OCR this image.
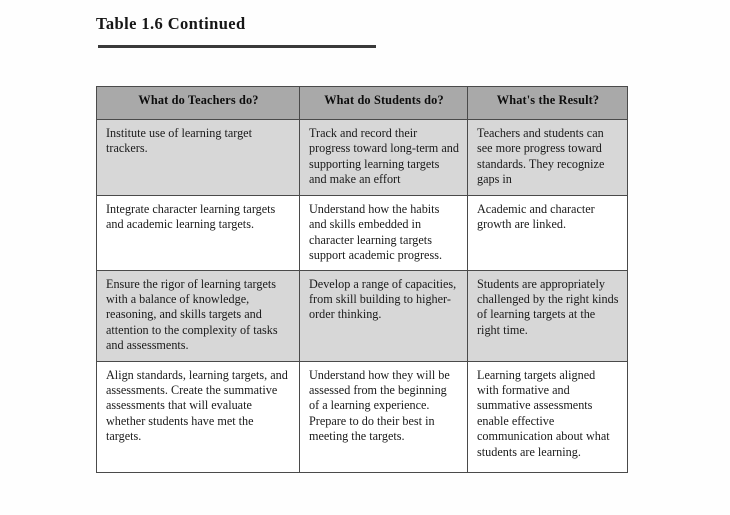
Table 1.6 Continued
What do Teachers do?	What do Students do?	What's the Result?

Institute use of learning target trackers.	Track and record their progress toward long-term and supporting learning targets and make an effort	Teachers and students can see more progress toward standards. They recognize gaps in

Integrate character learning targets and academic learning targets.	Understand how the habits and skills embedded in character learning targets support academic progress.	Academic and character growth are linked.

Ensure the rigor of learning targets with a balance of knowledge, reasoning, and skills targets and attention to the complexity of tasks and assessments.	Develop a range of capacities, from skill building to higher-order thinking.	Students are appropriately challenged by the right kinds of learning targets at the right time.

Align standards, learning targets, and assessments. Create the summative assessments that will evaluate whether students have met the targets.	Understand how they will be assessed from the beginning of a learning experience. Prepare to do their best in meeting the targets.	Learning targets aligned with formative and summative assessments enable effective communication about what students are learning.
